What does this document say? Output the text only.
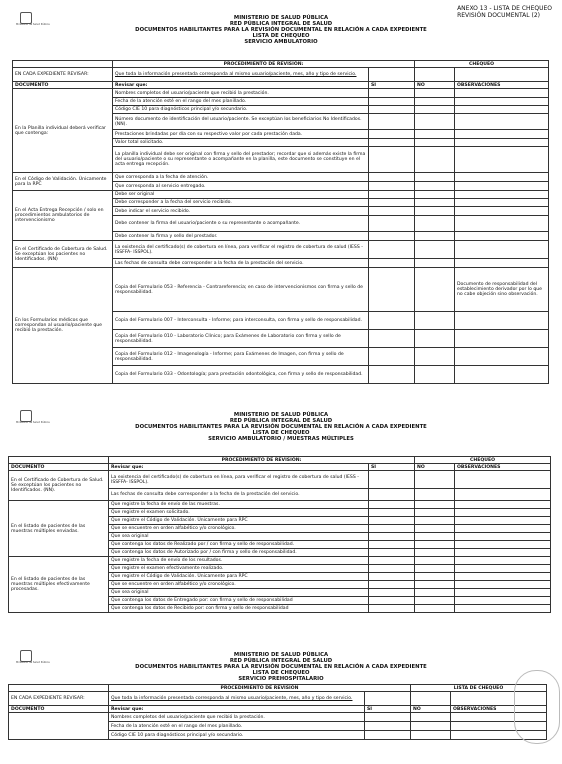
ANEXO 13 - LISTA DE CHEQUEO
REVISIÓN DOCUMENTAL (2)
Ministerio de Salud Pública
Ministerio de Salud Pública
Ministerio de Salud Pública
MINISTERIO DE SALUD PÚBLICA
RED PÚBLICA INTEGRAL DE SALUD
DOCUMENTOS HABILITANTES PARA LA REVISIÓN DOCUMENTAL EN RELACIÓN A CADA EXPEDIENTE
LISTA DE CHEQUEO
SERVICIO AMBULATORIO
	PROCEDIMIENTO DE REVISIÓN:		CHEQUEO	
EN CADA EXPEDIENTE REVISAR:	Que toda la información presentada corresponda al mismo usuario/paciente, mes, año y tipo de servicio.			
DOCUMENTO	Revisar que:	SI	NO	OBSERVACIONES
En la Planilla individual deberá verificar que contenga:	Nombres completos del usuario/paciente que recibió la prestación.			
	Fecha de la atención esté en el rango del mes planillado.			
	Código CIE 10 para diagnósticos principal y/o secundario.			
	Número documento de identificación del usuario/paciente. Se exceptúan los beneficiarios No Identificados. (NN).			
	Prestaciones brindadas por día con su respectivo valor por cada prestación dada.			
	Valor total solicitado.			
	La planilla individual debe ser original con firma y sello del prestador; recordar que si además existe la firma del usuario/paciente o su representante o acompañante en la planilla, este documento se constituye en el acta entrega recepción.			
En el Código de Validación. Únicamente para la RPC	Que corresponda a la fecha de atención.			
	Que corresponda al servicio entregado.			
En el Acta Entrega Recepción / solo en procedimientos ambulatorios de intervencionismo	Debe ser original			
	Debe corresponder a la fecha del servicio recibido.			
	Debe indicar el servicio recibido.			
	Debe contener la firma del usuario/paciente o su representante o acompañante.			
	Debe contener la firma y sello del prestador.			
En el Certificado de Cobertura de Salud. Se exceptúan los pacientes no Identificados. (NN)	La existencia del certificado(s) de cobertura en línea, para verificar el registro de cobertura de salud (IESS - ISSFFA- ISSPOL).			
	Las fechas de consulta debe corresponder a la fecha de la prestación del servicio.			
En los Formularios médicos que correspondan al usuario/paciente que recibió la prestación.	Copia del Formulario 053 - Referencia - Contrareferencia; en caso de intervencionismos con firma y sello de responsabilidad.			Documento de responsabilidad del establecimiento derivador por lo que no cabe objeción sino observación.
	Copia del Formulario 007 - Interconsulta - Informe; para interconsulta, con firma y sello de responsabilidad.			
	Copia del Formulario 010 - Laboratorio Clínico; para Exámenes de Laboratorio con firma y sello de responsabilidad.			
	Copia del Formulario 012 - Imagenología - Informe; para Exámenes de Imagen, con firma y sello de responsabilidad.			
	Copia del Formulario 033 - Odontología; para prestación odontológica, con firma y sello de responsabilidad.			
MINISTERIO DE SALUD PÚBLICA
RED PÚBLICA INTEGRAL DE SALUD
DOCUMENTOS HABILITANTES PARA LA REVISIÓN DOCUMENTAL EN RELACIÓN A CADA EXPEDIENTE
LISTA DE CHEQUEO
SERVICIO AMBULATORIO / MUESTRAS MÚLTIPLES
	PROCEDIMIENTO DE REVISIÓN:		CHEQUEO	
DOCUMENTO	Revisar que:	SI	NO	OBSERVACIONES
En el Certificado de Cobertura de Salud. Se exceptúan los pacientes no Identificados. (NN).	La existencia del certificado(s) de cobertura en línea, para verificar el registro de cobertura de salud (IESS - ISSFFA- ISSPOL).			
	Las fechas de consulta debe corresponder a la fecha de la prestación del servicio.			
En el listado de pacientes de las muestras múltiples enviadas.	Que registre la fecha de envío de las muestras.			
	Que registre el examen solicitado.			
	Que registre el Código de Validación. Únicamente para RPC			
	Que se encuentre en orden alfabético y/o cronológico.			
	Que sea original			
	Que contenga los datos de Realizado por / con firma y sello de responsabilidad.			
	Que contenga los datos de Autorizado por / con firma y sello de responsabilidad.			
En el listado de pacientes de las muestras múltiples efectivamente procesadas.	Que registre la fecha de envío de los resultados.			
	Que registre el examen efectivamente realizado.			
	Que registre el Código de Validación. Únicamente para RPC			
	Que se encuentre en orden alfabético y/o cronológico.			
	Que sea original			
	Que contenga los datos de Entregado por: con firma y sello de responsabilidad			
	Que contenga los datos de Recibido por: con firma y sello de responsabilidad			
MINISTERIO DE SALUD PÚBLICA
RED PÚBLICA INTEGRAL DE SALUD
DOCUMENTOS HABILITANTES PARA LA REVISIÓN DOCUMENTAL EN RELACIÓN A CADA EXPEDIENTE
LISTA DE CHEQUEO
SERVICIO PREHOSPITALARIO
	PROCEDIMIENTO DE REVISIÓN		LISTA DE CHEQUEO	
EN CADA EXPEDIENTE REVISAR:	Que toda la información presentada corresponda al mismo usuario/paciente, mes, año y tipo de servicio.			
DOCUMENTO	Revisar que:	SI	NO	OBSERVACIONES
	Nombres completos del usuario/paciente que recibió la prestación.			
	Fecha de la atención esté en el rango del mes planillado.			
	Código CIE 10 para diagnósticos principal y/o secundario.			
